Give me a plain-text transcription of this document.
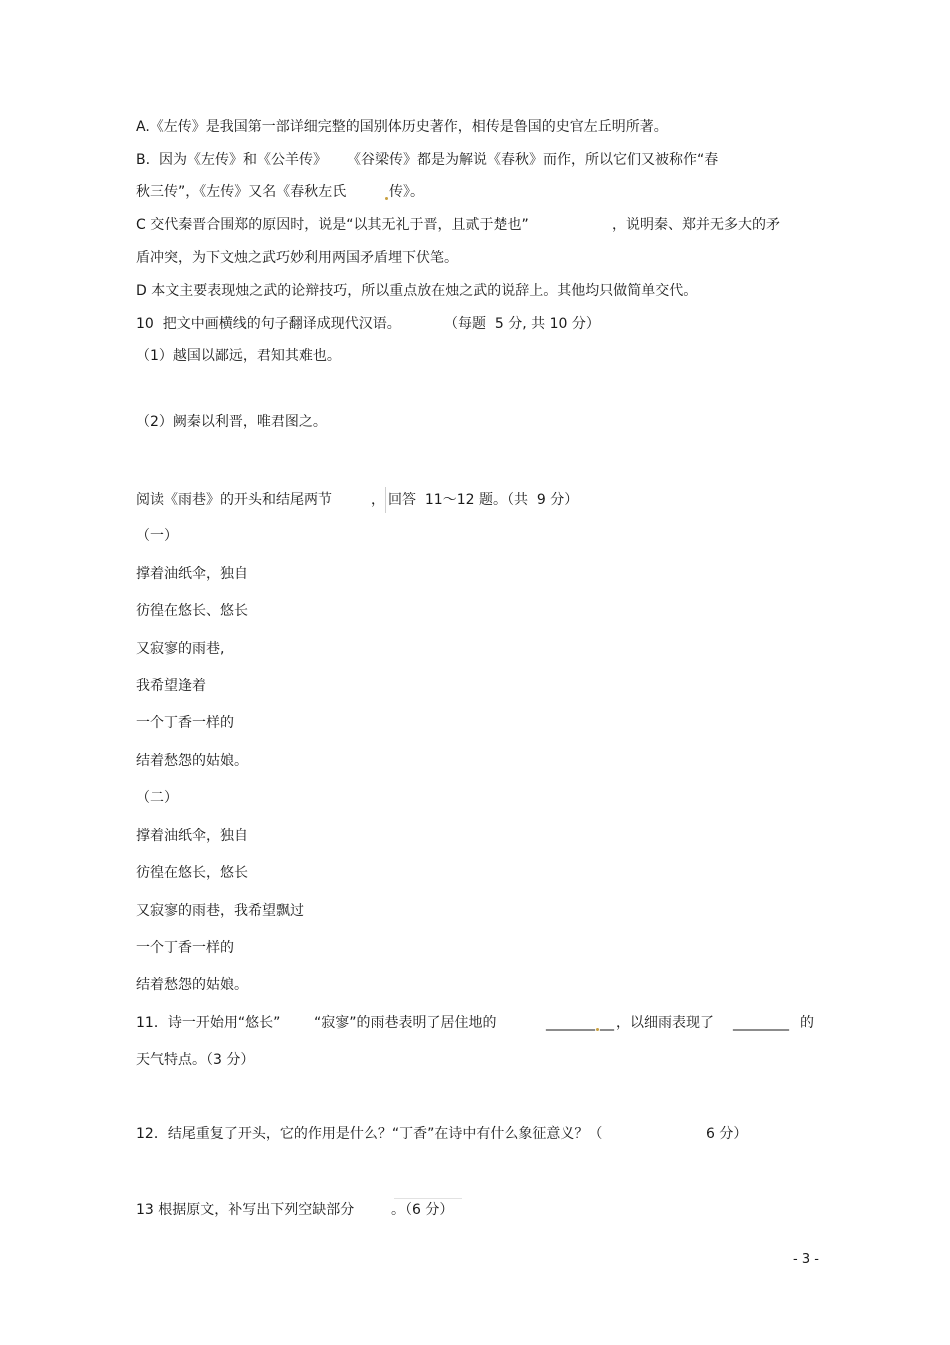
A.《左传》是我国第一部详细完整的国别体历史著作，相传是鲁国的史官左丘明所著。
B.  因为《左传》和《公羊传》 《谷梁传》都是为解说《春秋》而作，所以它们又被称作“春
秋三传”，《左传》又名《春秋左氏	传》。
C 交代秦晋合围郑的原因时，说是“以其无礼于晋，且贰于楚也”	，说明秦、郑并无多大的矛
盾冲突，为下文烛之武巧妙利用两国矛盾埋下伏笔。
D 本文主要表现烛之武的论辩技巧，所以重点放在烛之武的说辞上。其他均只做简单交代。
10  把文中画横线的句子翻译成现代汉语。	（每题  5 分, 共 10 分）
（1）越国以鄙远，君知其难也。
（2）阙秦以利晋，唯君图之。
阅读《雨巷》的开头和结尾两节	， 回答  11～12 题。（共  9 分）
（一）
撑着油纸伞，独自
彷徨在悠长、悠长
又寂寥的雨巷,
我希望逢着
一个丁香一样的
结着愁怨的姑娘。
（二）
撑着油纸伞，独自
彷徨在悠长，悠长
又寂寥的雨巷，我希望飘过
一个丁香一样的
结着愁怨的姑娘。
11．诗一开始用“悠长” “寂寥”的雨巷表明了居住地的	_______ __ ，以细雨表现了 ________ 的
天气特点。（3 分）
12．结尾重复了开头，它的作用是什么？“丁香”在诗中有什么象征意义？（	6 分）
13 根据原文，补写出下列空缺部分	。（6 分）
- 3 -
